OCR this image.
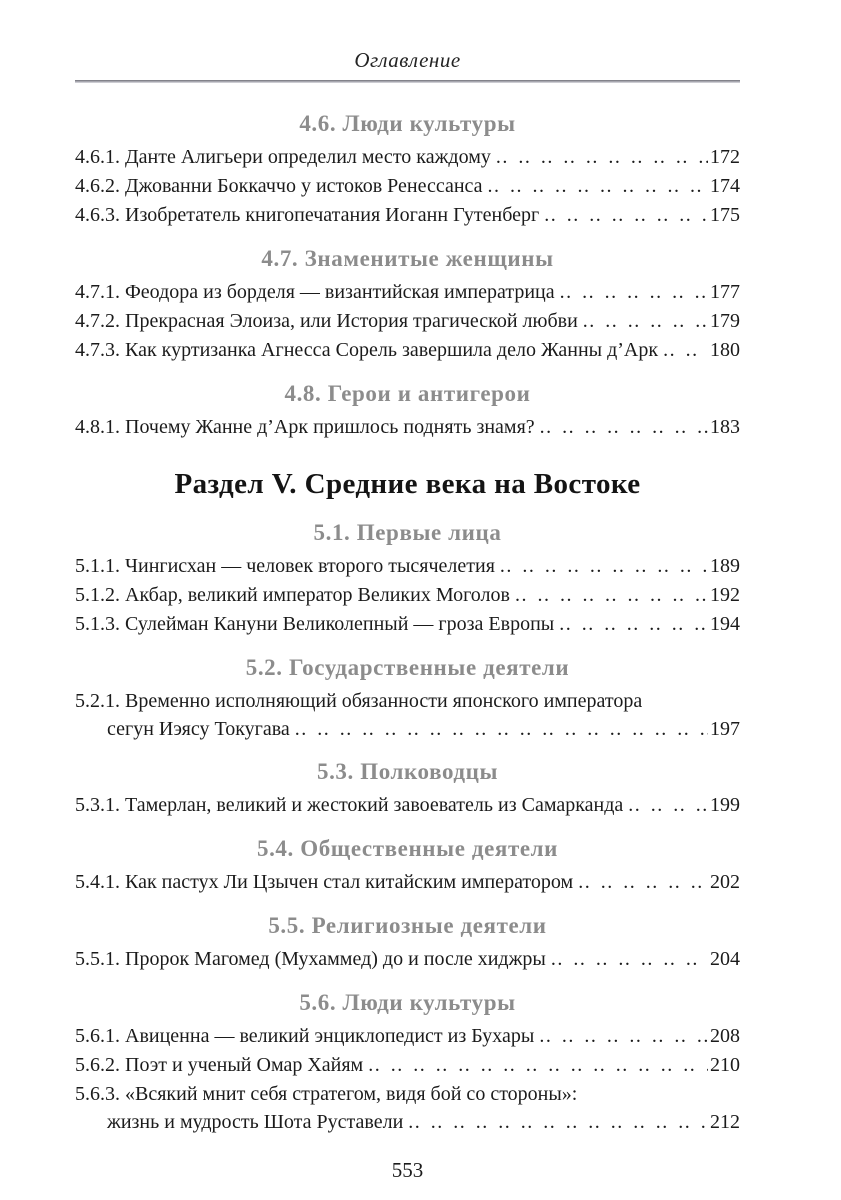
Оглавление
4.6. Люди культуры
4.6.1. Данте Алигьери определил место каждому .. ..	172
4.6.2. Джованни Боккаччо у истоков Ренессанса .. ..	174
4.6.3. Изобретатель книгопечатания Иоганн Гутенберг .. ..	175
4.7. Знаменитые женщины
4.7.1. Феодора из борделя — византийская императрица .. ..	177
4.7.2. Прекрасная Элоиза, или История трагической любви .. ..	179
4.7.3. Как куртизанка Агнесса Сорель завершила дело Жанны д’Арк .. ..	180
4.8. Герои и антигерои
4.8.1. Почему Жанне д’Арк пришлось поднять знамя? .. ..	183
Раздел V. Средние века на Востоке
5.1. Первые лица
5.1.1. Чингисхан — человек второго тысячелетия .. ..	189
5.1.2. Акбар, великий император Великих Моголов .. ..	192
5.1.3. Сулейман Кануни Великолепный — гроза Европы .. ..	194
5.2. Государственные деятели
5.2.1. Временно исполняющий обязанности японского императора
сегун Иэясу Токугава .. ..	197
5.3. Полководцы
5.3.1. Тамерлан, великий и жестокий завоеватель из Самарканда .. ..	199
5.4. Общественные деятели
5.4.1. Как пастух Ли Цзычен стал китайским императором .. ..	202
5.5. Религиозные деятели
5.5.1. Пророк Магомед (Мухаммед) до и после хиджры .. ..	204
5.6. Люди культуры
5.6.1. Авиценна — великий энциклопедист из Бухары .. ..	208
5.6.2. Поэт и ученый Омар Хайям .. ..	210
5.6.3. «Всякий мнит себя стратегом, видя бой со стороны»:
жизнь и мудрость Шота Руставели .. ..	212
553
